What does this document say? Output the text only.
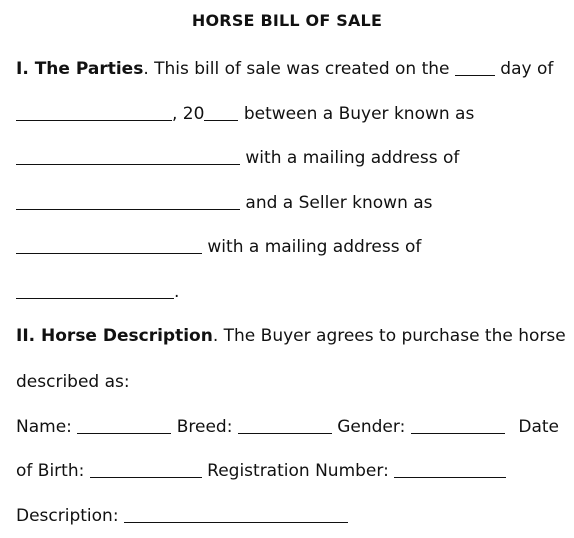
HORSE BILL OF SALE
I. The Parties. This bill of sale was created on the  day of
, 20 between a Buyer known as
with a mailing address of
and a Seller known as
with a mailing address of
.
II. Horse Description. The Buyer agrees to purchase the horse
described as:
Name:	Breed:	Gender:	Date
of Birth:	Registration Number:
Description:
